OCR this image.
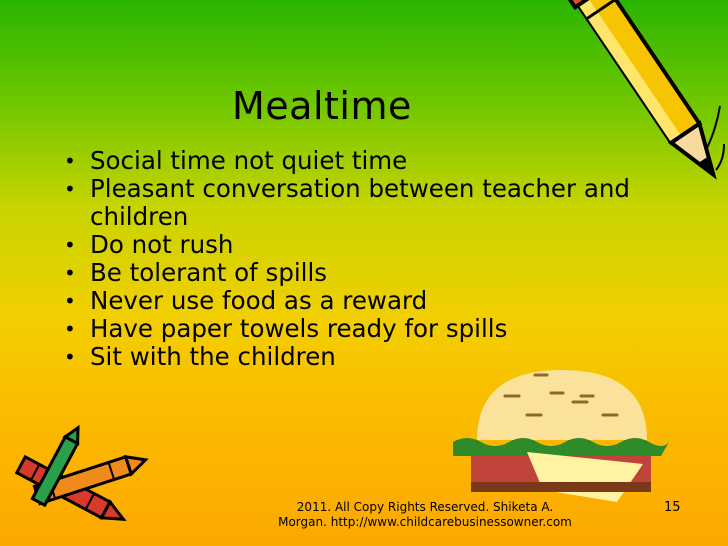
Mealtime
• Social time not quiet time
• Pleasant conversation between teacher and children
• Do not rush
• Be tolerant of spills
• Never use food as a reward
• Have paper towels ready for spills
• Sit with the children
2011. All Copy Rights Reserved. Shiketa A. Morgan. http://www.childcarebusinessowner.com
15
